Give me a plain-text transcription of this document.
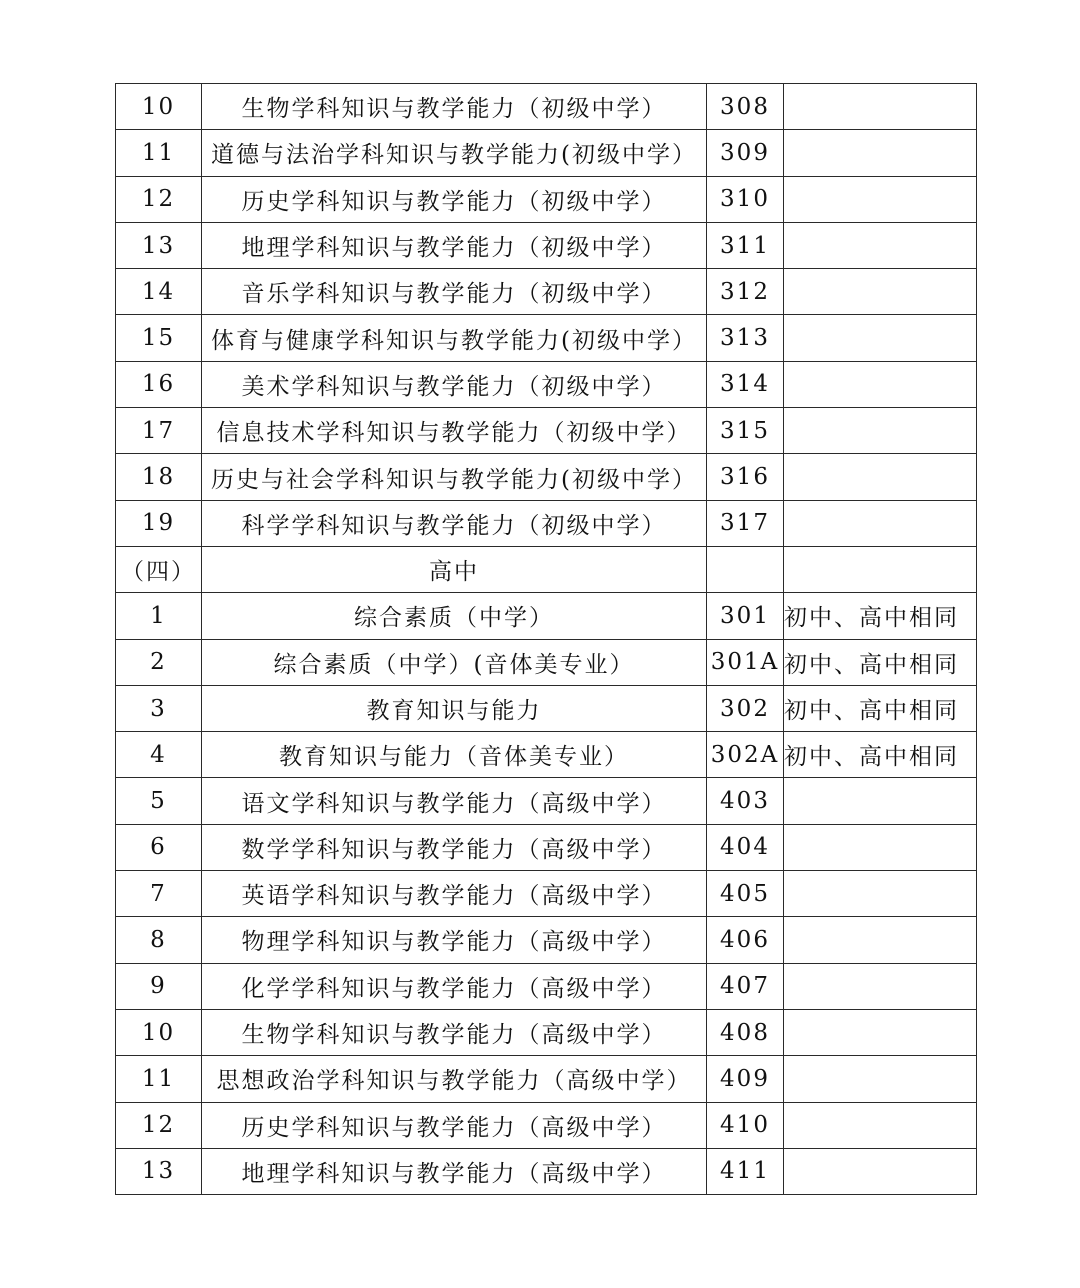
10	生物学科知识与教学能力（初级中学）	308	
11	道德与法治学科知识与教学能力(初级中学）	309	
12	历史学科知识与教学能力（初级中学）	310	
13	地理学科知识与教学能力（初级中学）	311	
14	音乐学科知识与教学能力（初级中学）	312	
15	体育与健康学科知识与教学能力(初级中学）	313	
16	美术学科知识与教学能力（初级中学）	314	
17	信息技术学科知识与教学能力（初级中学）	315	
18	历史与社会学科知识与教学能力(初级中学）	316	
19	科学学科知识与教学能力（初级中学）	317	
（四）	高中		
1	综合素质（中学）	301	初中、高中相同
2	综合素质（中学）(音体美专业）	301A	初中、高中相同
3	教育知识与能力	302	初中、高中相同
4	教育知识与能力（音体美专业）	302A	初中、高中相同
5	语文学科知识与教学能力（高级中学）	403	
6	数学学科知识与教学能力（高级中学）	404	
7	英语学科知识与教学能力（高级中学）	405	
8	物理学科知识与教学能力（高级中学）	406	
9	化学学科知识与教学能力（高级中学）	407	
10	生物学科知识与教学能力（高级中学）	408	
11	思想政治学科知识与教学能力（高级中学）	409	
12	历史学科知识与教学能力（高级中学）	410	
13	地理学科知识与教学能力（高级中学）	411	
